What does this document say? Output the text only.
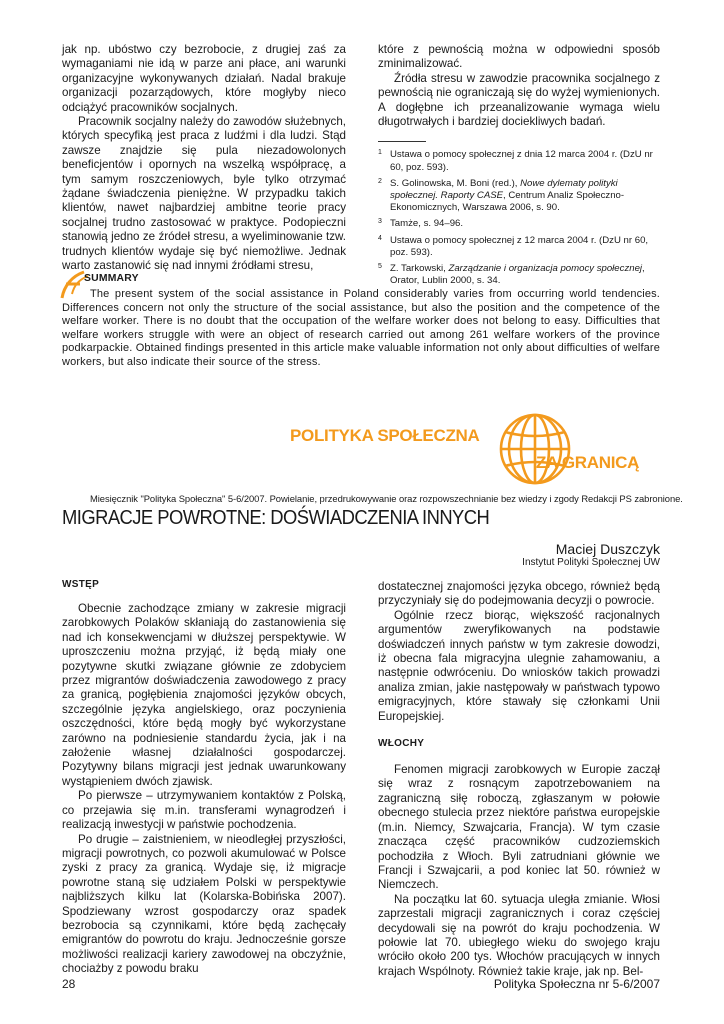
jak np. ubóstwo czy bezrobocie, z drugiej zaś za wymaganiami nie idą w parze ani płace, ani warunki organizacyjne wykonywanych działań. Nadal brakuje organizacji pozarządowych, które mogłyby nieco odciążyć pracowników socjalnych.

Pracownik socjalny należy do zawodów służebnych, których specyfiką jest praca z ludźmi i dla ludzi. Stąd zawsze znajdzie się pula niezadowolonych beneficjentów i opornych na wszelką współpracę, a tym samym roszczeniowych, byle tylko otrzymać żądane świadczenia pieniężne. W przypadku takich klientów, nawet najbardziej ambitne teorie pracy socjalnej trudno zastosować w praktyce. Podopieczni stanowią jedno ze źródeł stresu, a wyeliminowanie tzw. trudnych klientów wydaje się być niemożliwe. Jednak warto zastanowić się nad innymi źródłami stresu,

które z pewnością można w odpowiedni sposób zminimalizować.

Źródła stresu w zawodzie pracownika socjalnego z pewnością nie ograniczają się do wyżej wymienionych. A dogłębne ich przeanalizowanie wymaga wielu długotrwałych i bardziej dociekliwych badań.

$^1$ Ustawa o pomocy społecznej z dnia 12 marca 2004 r. (DzU nr 60, poz. 593).

$^2$ S. Golinowska, M. Boni (red.), Nowe dylematy polityki społecznej. Raporty CASE, Centrum Analiz Społeczno-Ekonomicznych, Warszawa 2006, s. 90.

$^3$ Tamże, s. 94–96.

$^4$ Ustawa o pomocy społecznej z 12 marca 2004 r. (DzU nr 60, poz. 593).

$^5$ Z. Tarkowski, Zarządzanie i organizacja pomocy społecznej, Orator, Lublin 2000, s. 34.

SUMMARY
The present system of the social assistance in Poland considerably varies from occurring world tendencies. Differences concern not only the structure of the social assistance, but also the position and the competence of the welfare worker. There is no doubt that the occupation of the welfare worker does not belong to easy. Difficulties that welfare workers struggle with were an object of research carried out among 261 welfare workers of the province podkarpackie. Obtained findings presented in this article make valuable information not only about difficulties of welfare workers, but also indicate their source of the stress.
POLITYKA SPOŁECZNA
ZA GRANICĄ
Miesięcznik "Polityka Społeczna" 5-6/2007. Powielanie, przedrukowywanie oraz rozpowszechnianie bez wiedzy i zgody Redakcji PS zabronione.
MIGRACJE POWROTNE: DOŚWIADCZENIA INNYCH
Maciej Duszczyk
Instytut Polityki Społecznej UW
WSTĘP

Obecnie zachodzące zmiany w zakresie migracji zarobkowych Polaków skłaniają do zastanowienia się nad ich konsekwencjami w dłuższej perspektywie. W uproszczeniu można przyjąć, iż będą miały one pozytywne skutki związane głównie ze zdobyciem przez migrantów doświadczenia zawodowego z pracy za granicą, pogłębienia znajomości języków obcych, szczególnie języka angielskiego, oraz poczynienia oszczędności, które będą mogły być wykorzystane zarówno na podniesienie standardu życia, jak i na założenie własnej działalności gospodarczej. Pozytywny bilans migracji jest jednak uwarunkowany wystąpieniem dwóch zjawisk.

Po pierwsze – utrzymywaniem kontaktów z Polską, co przejawia się m.in. transferami wynagrodzeń i realizacją inwestycji w państwie pochodzenia.

Po drugie – zaistnieniem, w nieodległej przyszłości, migracji powrotnych, co pozwoli akumulować w Polsce zyski z pracy za granicą. Wydaje się, iż migracje powrotne staną się udziałem Polski w perspektywie najbliższych kilku lat (Kolarska-Bobińska 2007). Spodziewany wzrost gospodarczy oraz spadek bezrobocia są czynnikami, które będą zachęcały emigrantów do powrotu do kraju. Jednocześnie gorsze możliwości realizacji kariery zawodowej na obczyźnie, chociażby z powodu braku

dostatecznej znajomości języka obcego, również będą przyczyniały się do podejmowania decyzji o powrocie.

Ogólnie rzecz biorąc, większość racjonalnych argumentów zweryfikowanych na podstawie doświadczeń innych państw w tym zakresie dowodzi, iż obecna fala migracyjna ulegnie zahamowaniu, a następnie odwróceniu. Do wniosków takich prowadzi analiza zmian, jakie następowały w państwach typowo emigracyjnych, które stawały się członkami Unii Europejskiej.

WŁOCHY

Fenomen migracji zarobkowych w Europie zaczął się wraz z rosnącym zapotrzebowaniem na zagraniczną siłę roboczą, zgłaszanym w połowie obecnego stulecia przez niektóre państwa europejskie (m.in. Niemcy, Szwajcaria, Francja). W tym czasie znacząca część pracowników cudzoziemskich pochodziła z Włoch. Byli zatrudniani głównie we Francji i Szwajcarii, a pod koniec lat 50. również w Niemczech.

Na początku lat 60. sytuacja uległa zmianie. Włosi zaprzestali migracji zagranicznych i coraz częściej decydowali się na powrót do kraju pochodzenia. W połowie lat 70. ubiegłego wieku do swojego kraju wróciło około 200 tys. Włochów pracujących w innych krajach Wspólnoty. Również takie kraje, jak np. Bel-

28	Polityka Społeczna nr 5-6/2007
